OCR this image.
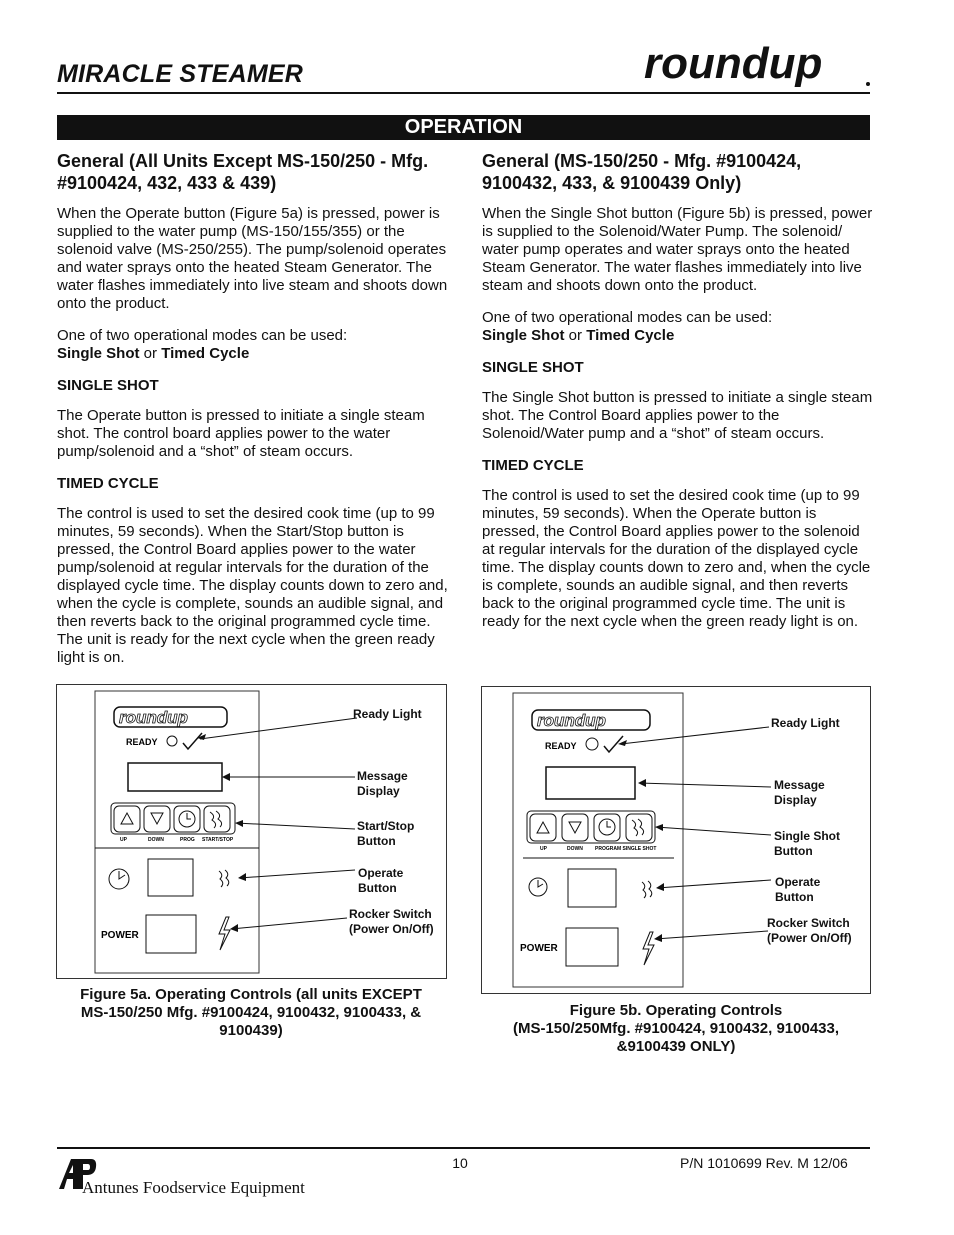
MIRACLE STEAMER	roundup
OPERATION
General (All Units Except MS-150/250 - Mfg. #9100424, 432, 433 & 439)

When the Operate button (Figure 5a) is pressed, power is supplied to the water pump (MS-150/155/355) or the solenoid valve (MS-250/255). The pump/solenoid operates and water sprays onto the heated Steam Generator. The water flashes immediately into live steam and shoots down onto the product.

One of two operational modes can be used:
Single Shot or Timed Cycle

SINGLE SHOT

The Operate button is pressed to initiate a single steam shot. The control board applies power to the water pump/solenoid and a “shot” of steam occurs.

TIMED CYCLE

The control is used to set the desired cook time (up to 99 minutes, 59 seconds). When the Start/Stop button is pressed, the Control Board applies power to the water pump/solenoid at regular intervals for the duration of the displayed cycle time. The display counts down to zero and, when the cycle is complete, sounds an audible signal, and then reverts back to the original programmed cycle time. The unit is ready for the next cycle when the green ready light is on.

General (MS-150/250 - Mfg. #9100424, 9100432, 433, & 9100439 Only)

When the Single Shot button (Figure 5b) is pressed, power is supplied to the Solenoid/Water Pump. The solenoid/ water pump operates and water sprays onto the heated Steam Generator. The water flashes immediately into live steam and shoots down onto the product.

One of two operational modes can be used:
Single Shot or Timed Cycle

SINGLE SHOT

The Single Shot button is pressed to initiate a single steam shot. The Control Board applies power to the Solenoid/Water pump and a “shot” of steam occurs.

TIMED CYCLE

The control is used to set the desired cook time (up to 99 minutes, 59 seconds). When the Operate button is pressed, the Control Board applies power to the solenoid at regular intervals for the duration of the displayed cycle time. The display counts down to zero and, when the cycle is complete, sounds an audible signal, and then reverts back to the original programmed cycle time. The unit is ready for the next cycle when the green ready light is on.

roundup
READY
UP	DOWN	PROG START/STOP
POWER
Ready Light
Message
Display
Start/Stop
Button
Operate
Button
Rocker Switch
(Power On/Off)
Figure 5a. Operating Controls (all units EXCEPT
MS-150/250 Mfg. #9100424, 9100432, 9100433, &
9100439)
roundup
READY
UP	DOWN PROGRAM SINGLE SHOT
POWER
Ready Light
Message
Display
Single Shot
Button
Operate
Button
Rocker Switch
(Power On/Off)
Figure 5b. Operating Controls
(MS-150/250Mfg. #9100424, 9100432, 9100433,
&9100439 ONLY)
Antunes Foodservice Equipment
10	P/N 1010699 Rev. M 12/06
